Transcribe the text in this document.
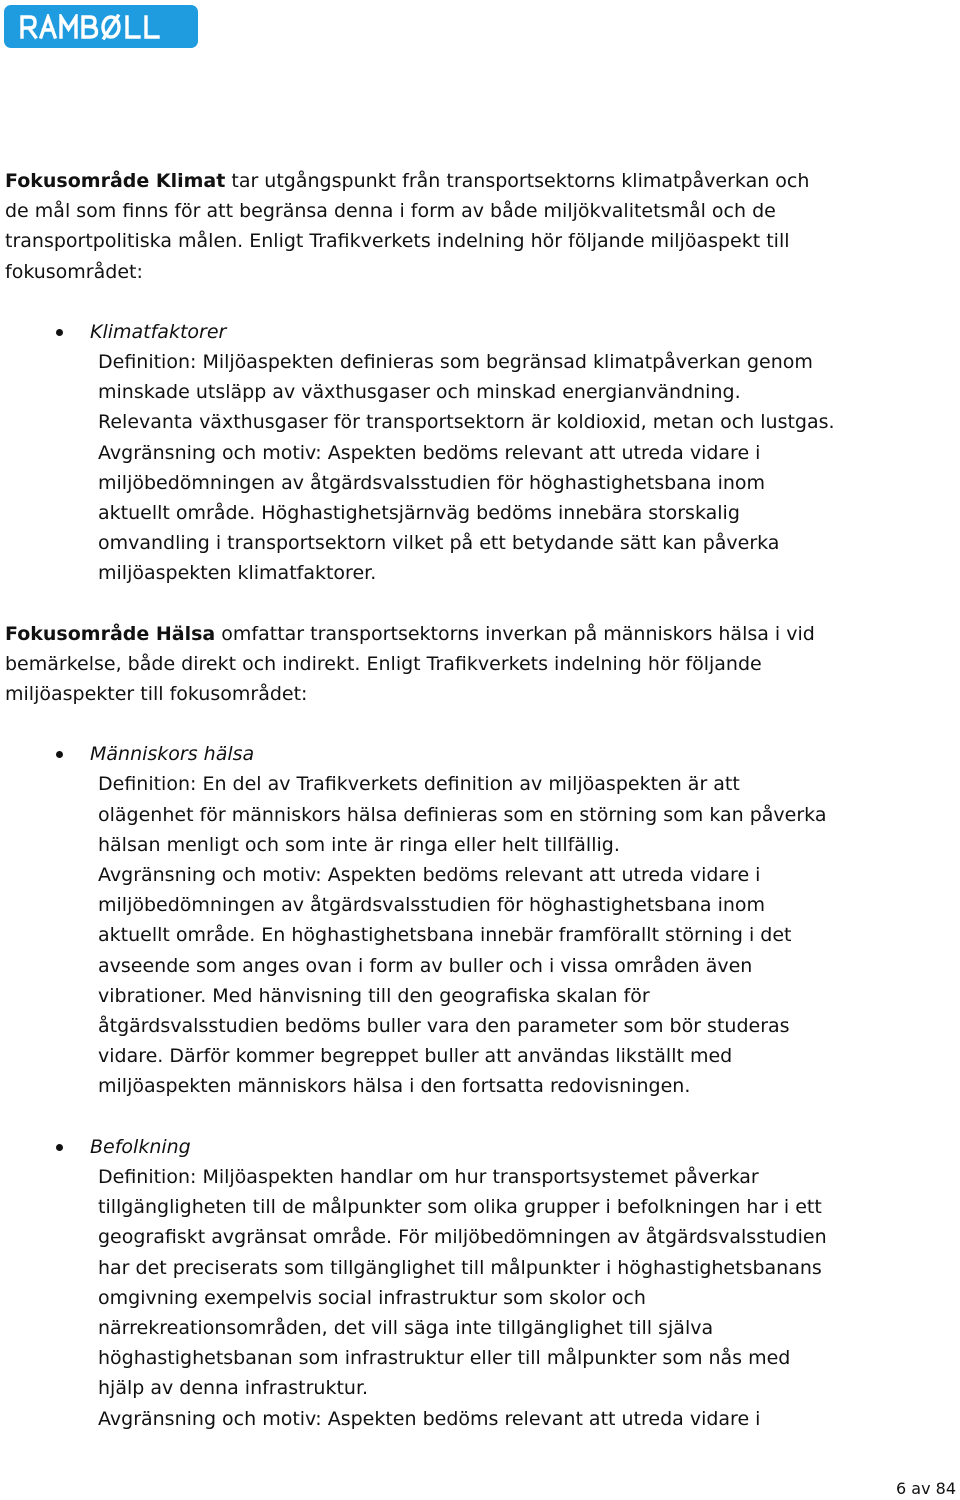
Fokusområde Klimat tar utgångspunkt från transportsektorns klimatpåverkan och de mål som finns för att begränsa denna i form av både miljökvalitetsmål och de transportpolitiska målen. Enligt Trafikverkets indelning hör följande miljöaspekt till fokusområdet:

Klimatfaktorer

Definition: Miljöaspekten definieras som begränsad klimatpåverkan genom minskade utsläpp av växthusgaser och minskad energianvändning. Relevanta växthusgaser för transportsektorn är koldioxid, metan och lustgas.

Avgränsning och motiv: Aspekten bedöms relevant att utreda vidare i miljöbedömningen av åtgärdsvalsstudien för höghastighetsbana inom aktuellt område. Höghastighetsjärnväg bedöms innebära storskalig omvandling i transportsektorn vilket på ett betydande sätt kan påverka miljöaspekten klimatfaktorer.

Fokusområde Hälsa omfattar transportsektorns inverkan på människors hälsa i vid bemärkelse, både direkt och indirekt. Enligt Trafikverkets indelning hör följande miljöaspekter till fokusområdet:

Människors hälsa

Definition: En del av Trafikverkets definition av miljöaspekten är att olägenhet för människors hälsa definieras som en störning som kan påverka hälsan menligt och som inte är ringa eller helt tillfällig.

Avgränsning och motiv: Aspekten bedöms relevant att utreda vidare i miljöbedömningen av åtgärdsvalsstudien för höghastighetsbana inom aktuellt område. En höghastighetsbana innebär framförallt störning i det avseende som anges ovan i form av buller och i vissa områden även vibrationer. Med hänvisning till den geografiska skalan för åtgärdsvalsstudien bedöms buller vara den parameter som bör studeras vidare. Därför kommer begreppet buller att användas likställt med miljöaspekten människors hälsa i den fortsatta redovisningen.

Befolkning

Definition: Miljöaspekten handlar om hur transportsystemet påverkar tillgängligheten till de målpunkter som olika grupper i befolkningen har i ett geografiskt avgränsat område. För miljöbedömningen av åtgärdsvalsstudien har det preciserats som tillgänglighet till målpunkter i höghastighetsbanans omgivning exempelvis social infrastruktur som skolor och närrekreationsområden, det vill säga inte tillgänglighet till själva höghastighetsbanan som infrastruktur eller till målpunkter som nås med hjälp av denna infrastruktur.

Avgränsning och motiv: Aspekten bedöms relevant att utreda vidare i

6 av 84
